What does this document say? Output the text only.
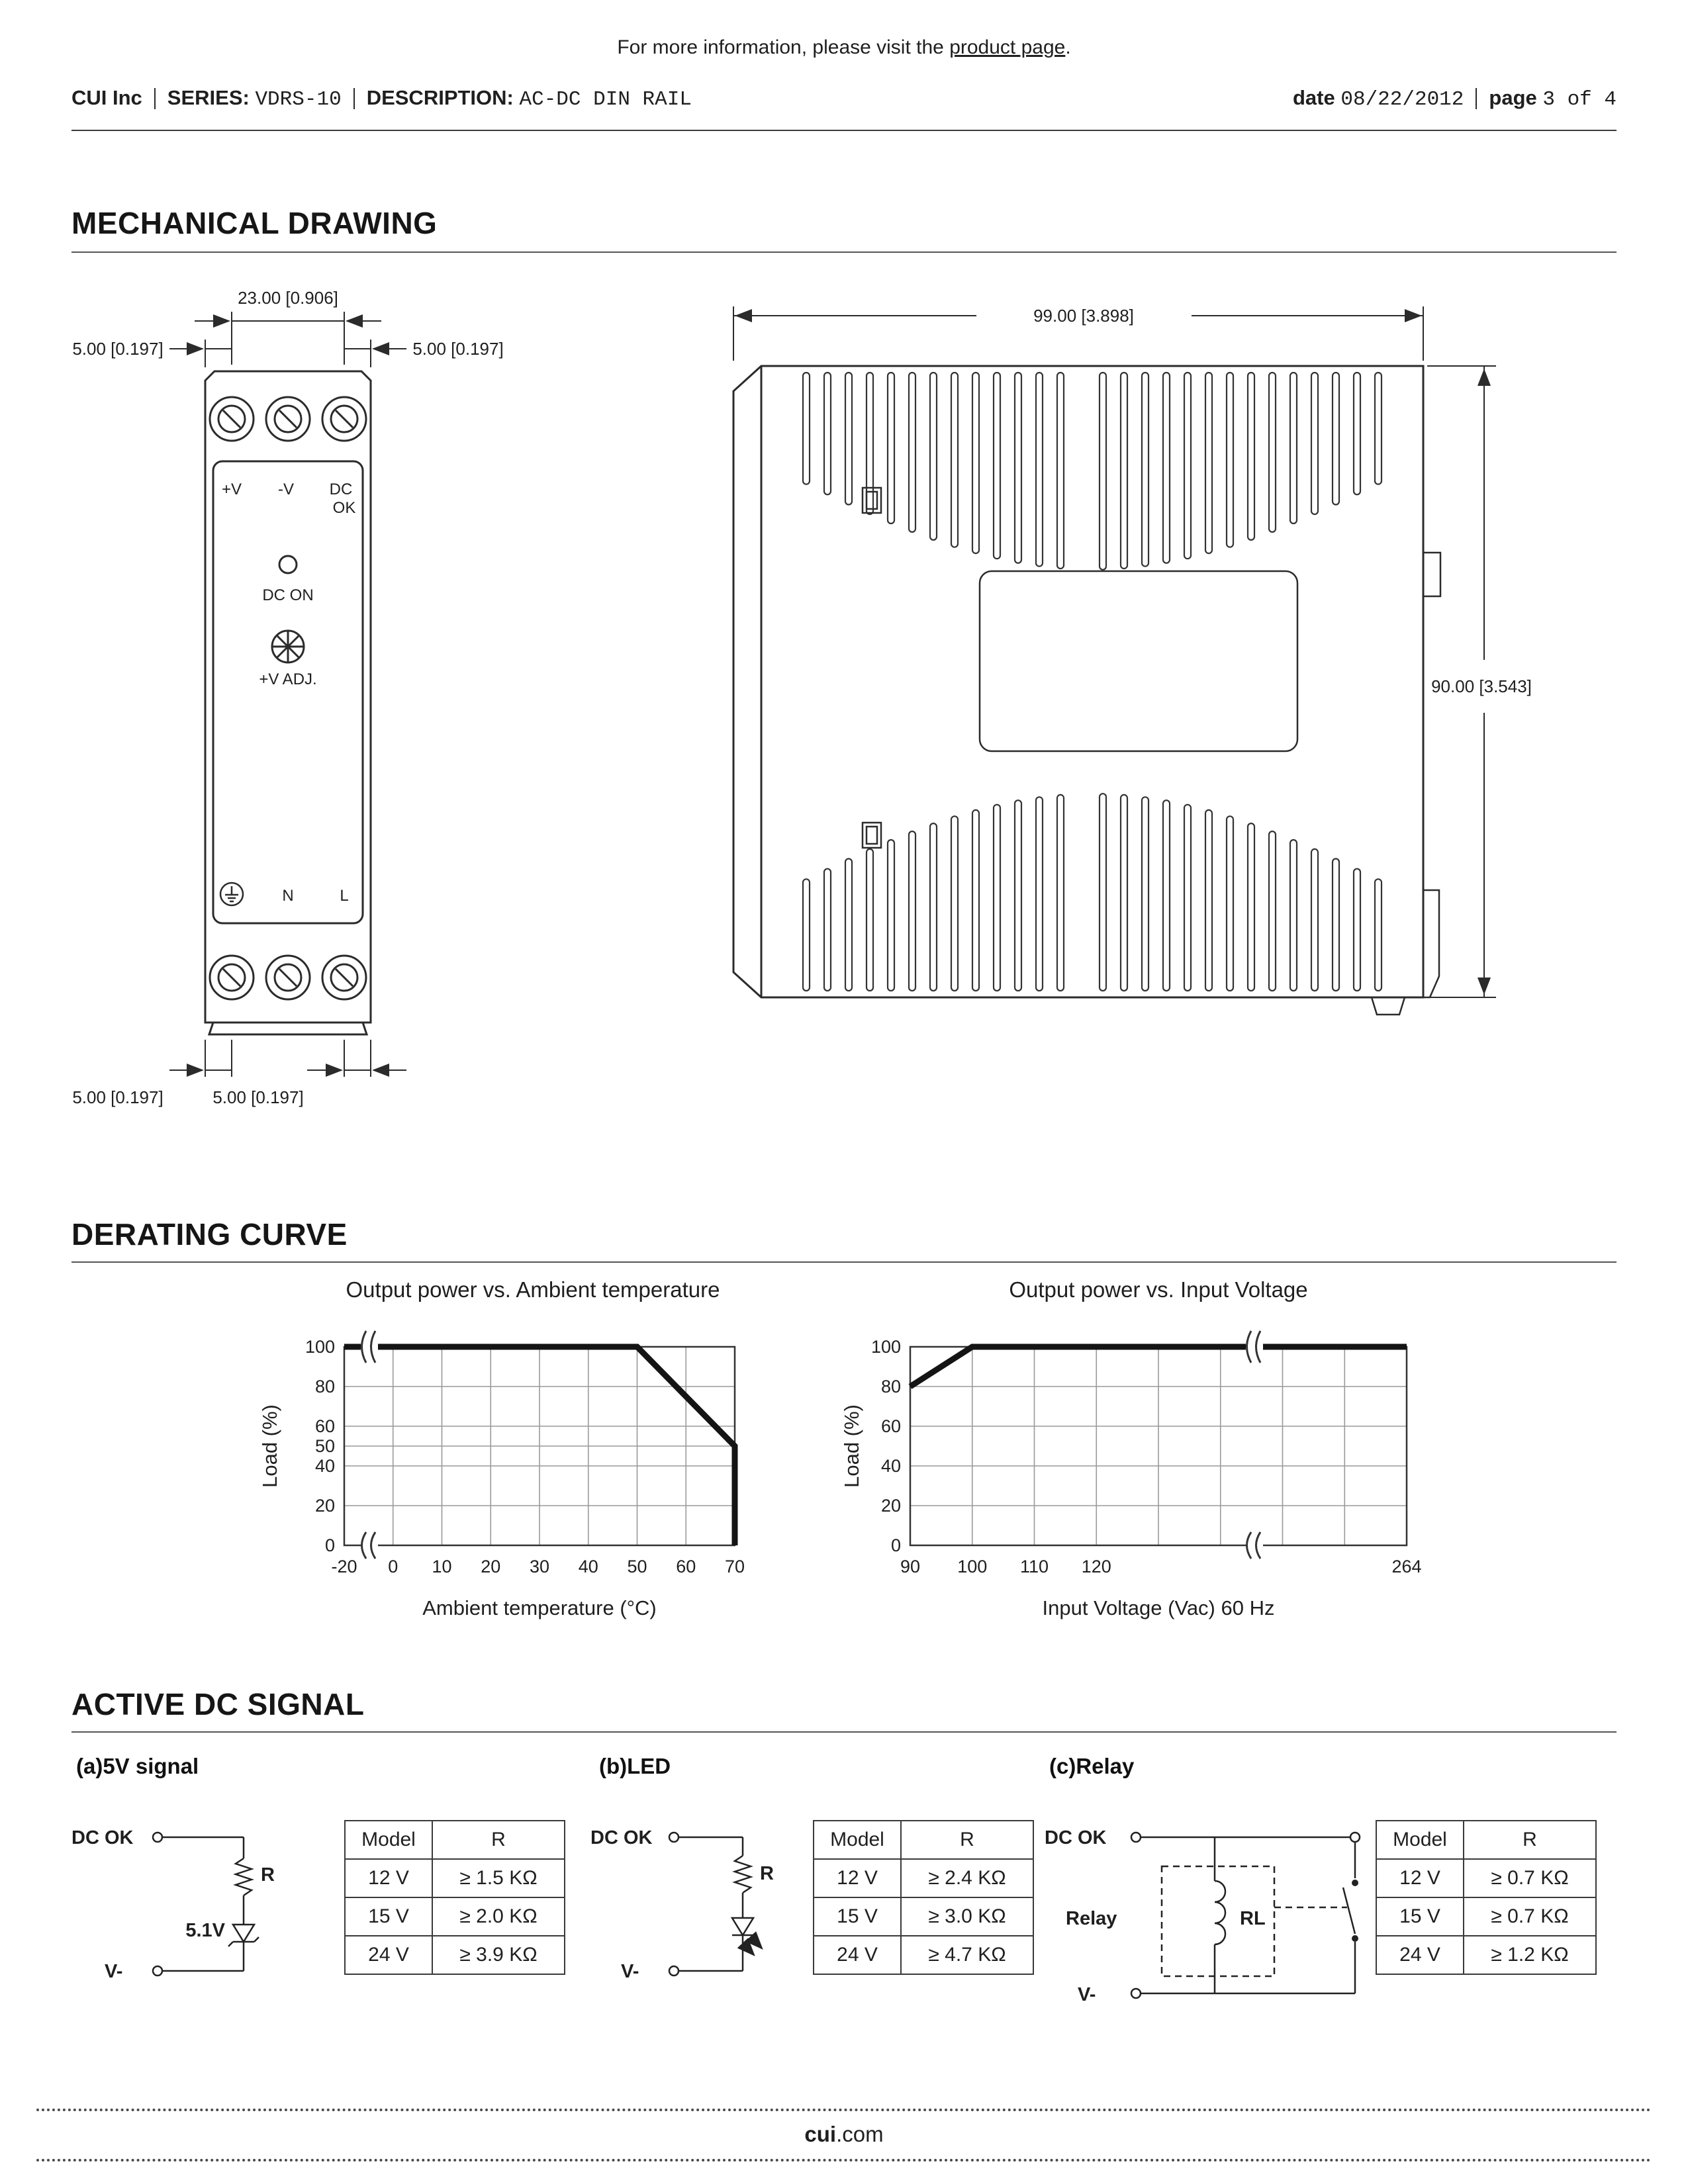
For more information, please visit the product page.
CUI Inc SERIES: VDRS-10 DESCRIPTION: AC-DC DIN RAIL	date 08/22/2012 page 3 of 4
MECHANICAL DRAWING
23.00 [0.906]
5.00 [0.197]	5.00 [0.197]
+V -V DC
OK
DC ON
+V ADJ.
N	L
5.00 [0.197]	5.00 [0.197]
99.00 [3.898]
90.00 [3.543]
DERATING CURVE
Output power vs. Ambient temperature
100
80
60
50
40
20
0
-20 0 10 20 30 40 50 60 70
Load (%)
Ambient temperature (°C)
Output power vs. Input Voltage
100
80
60
40
20
0
90 100 110 120	264
Load (%)
Input Voltage (Vac) 60 Hz
ACTIVE DC SIGNAL
(a)5V signal	(b)LED	(c)Relay
DC OK
R
5.1V
V-
Model	R
12 V	≥ 1.5 KΩ
15 V	≥ 2.0 KΩ
24 V	≥ 3.9 KΩ
DC OK
R
V-
Model	R
12 V	≥ 2.4 KΩ
15 V	≥ 3.0 KΩ
24 V	≥ 4.7 KΩ
DC OK
Relay	RL
V-
Model	R
12 V	≥ 0.7 KΩ
15 V	≥ 0.7 KΩ
24 V	≥ 1.2 KΩ
cui.com
